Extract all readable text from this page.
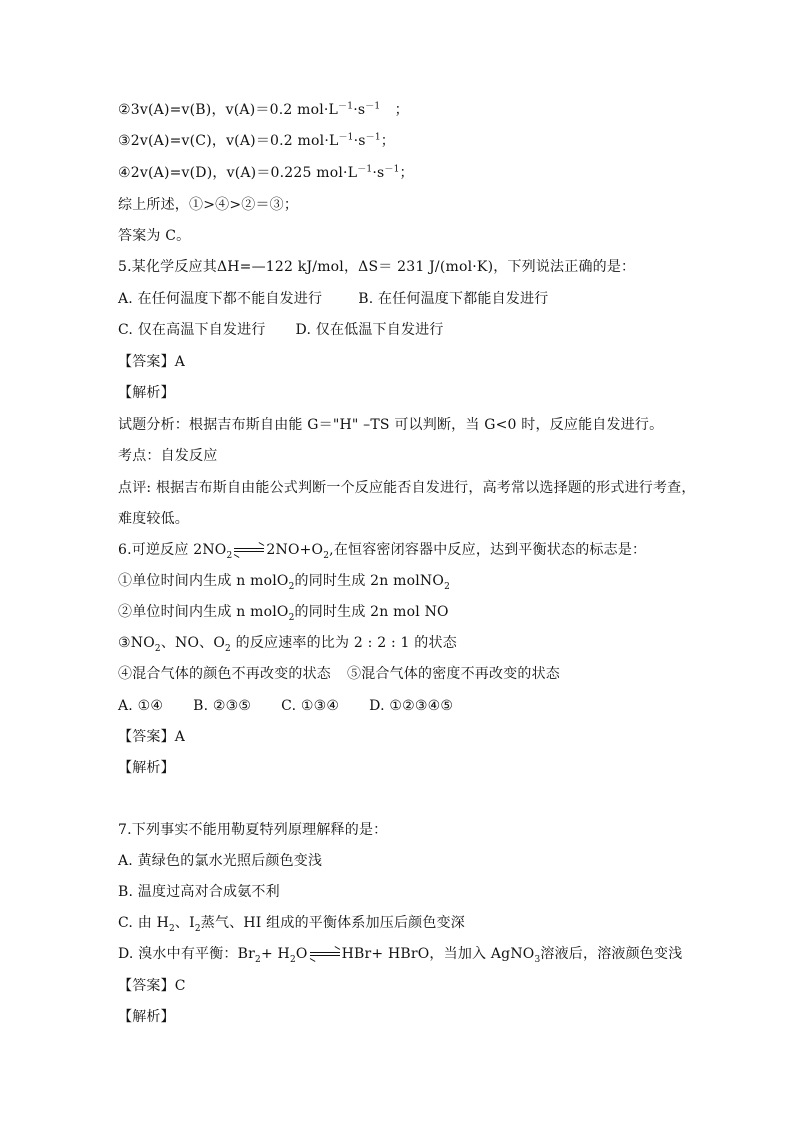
②3v(A)=v(B)，v(A)＝0.2 $mol\cdot L^{-1}\cdot s^{-1}$　；
③2v(A)=v(C)，v(A)＝0.2 $mol\cdot L^{-1}\cdot s^{-1}$；
④2v(A)=v(D)，v(A)＝0.225 $mol\cdot L^{-1}\cdot s^{-1}$；
综上所述，①>④>②＝③；
答案为 C。
5.某化学反应其ΔH=—122 kJ/mol，ΔS＝ 231 J/(mol·K)，下列说法正确的是：
A. 在任何温度下都不能自发进行	B. 在任何温度下都能自发进行
C. 仅在高温下自发进行 D. 仅在低温下自发进行
【答案】A
【解析】
试题分析：根据吉布斯自由能 G＝"H" –TS 可以判断，当 G<0 时，反应能自发进行。
考点：自发反应
点评: 根据吉布斯自由能公式判断一个反应能否自发进行，高考常以选择题的形式进行考查，
难度较低。
6.可逆反应 $2NO_2$ $2NO+O_2$,在恒容密闭容器中反应，达到平衡状态的标志是：
①单位时间内生成 n molO$_2$的同时生成 2n molNO$_2$
②单位时间内生成 n molO$_2$的同时生成 2n mol NO
$③NO_2$、NO、$O_2$ 的反应速率的比为 2 : 2 : 1 的状态
④混合气体的颜色不再改变的状态 ⑤混合气体的密度不再改变的状态
A. ①④ B. ②③⑤ C. ①③④ D. ①②③④⑤
【答案】A
【解析】
7.下列事实不能用勒夏特列原理解释的是：
A. 黄绿色的氯水光照后颜色变浅
B. 温度过高对合成氨不利
C. 由 $H_2$、$I_2$蒸气、HI 组成的平衡体系加压后颜色变深
D. 溴水中有平衡：$Br_2+ H_2O$ HBr+ HBrO，当加入 AgNO$_3$溶液后，溶液颜色变浅
【答案】C
【解析】
